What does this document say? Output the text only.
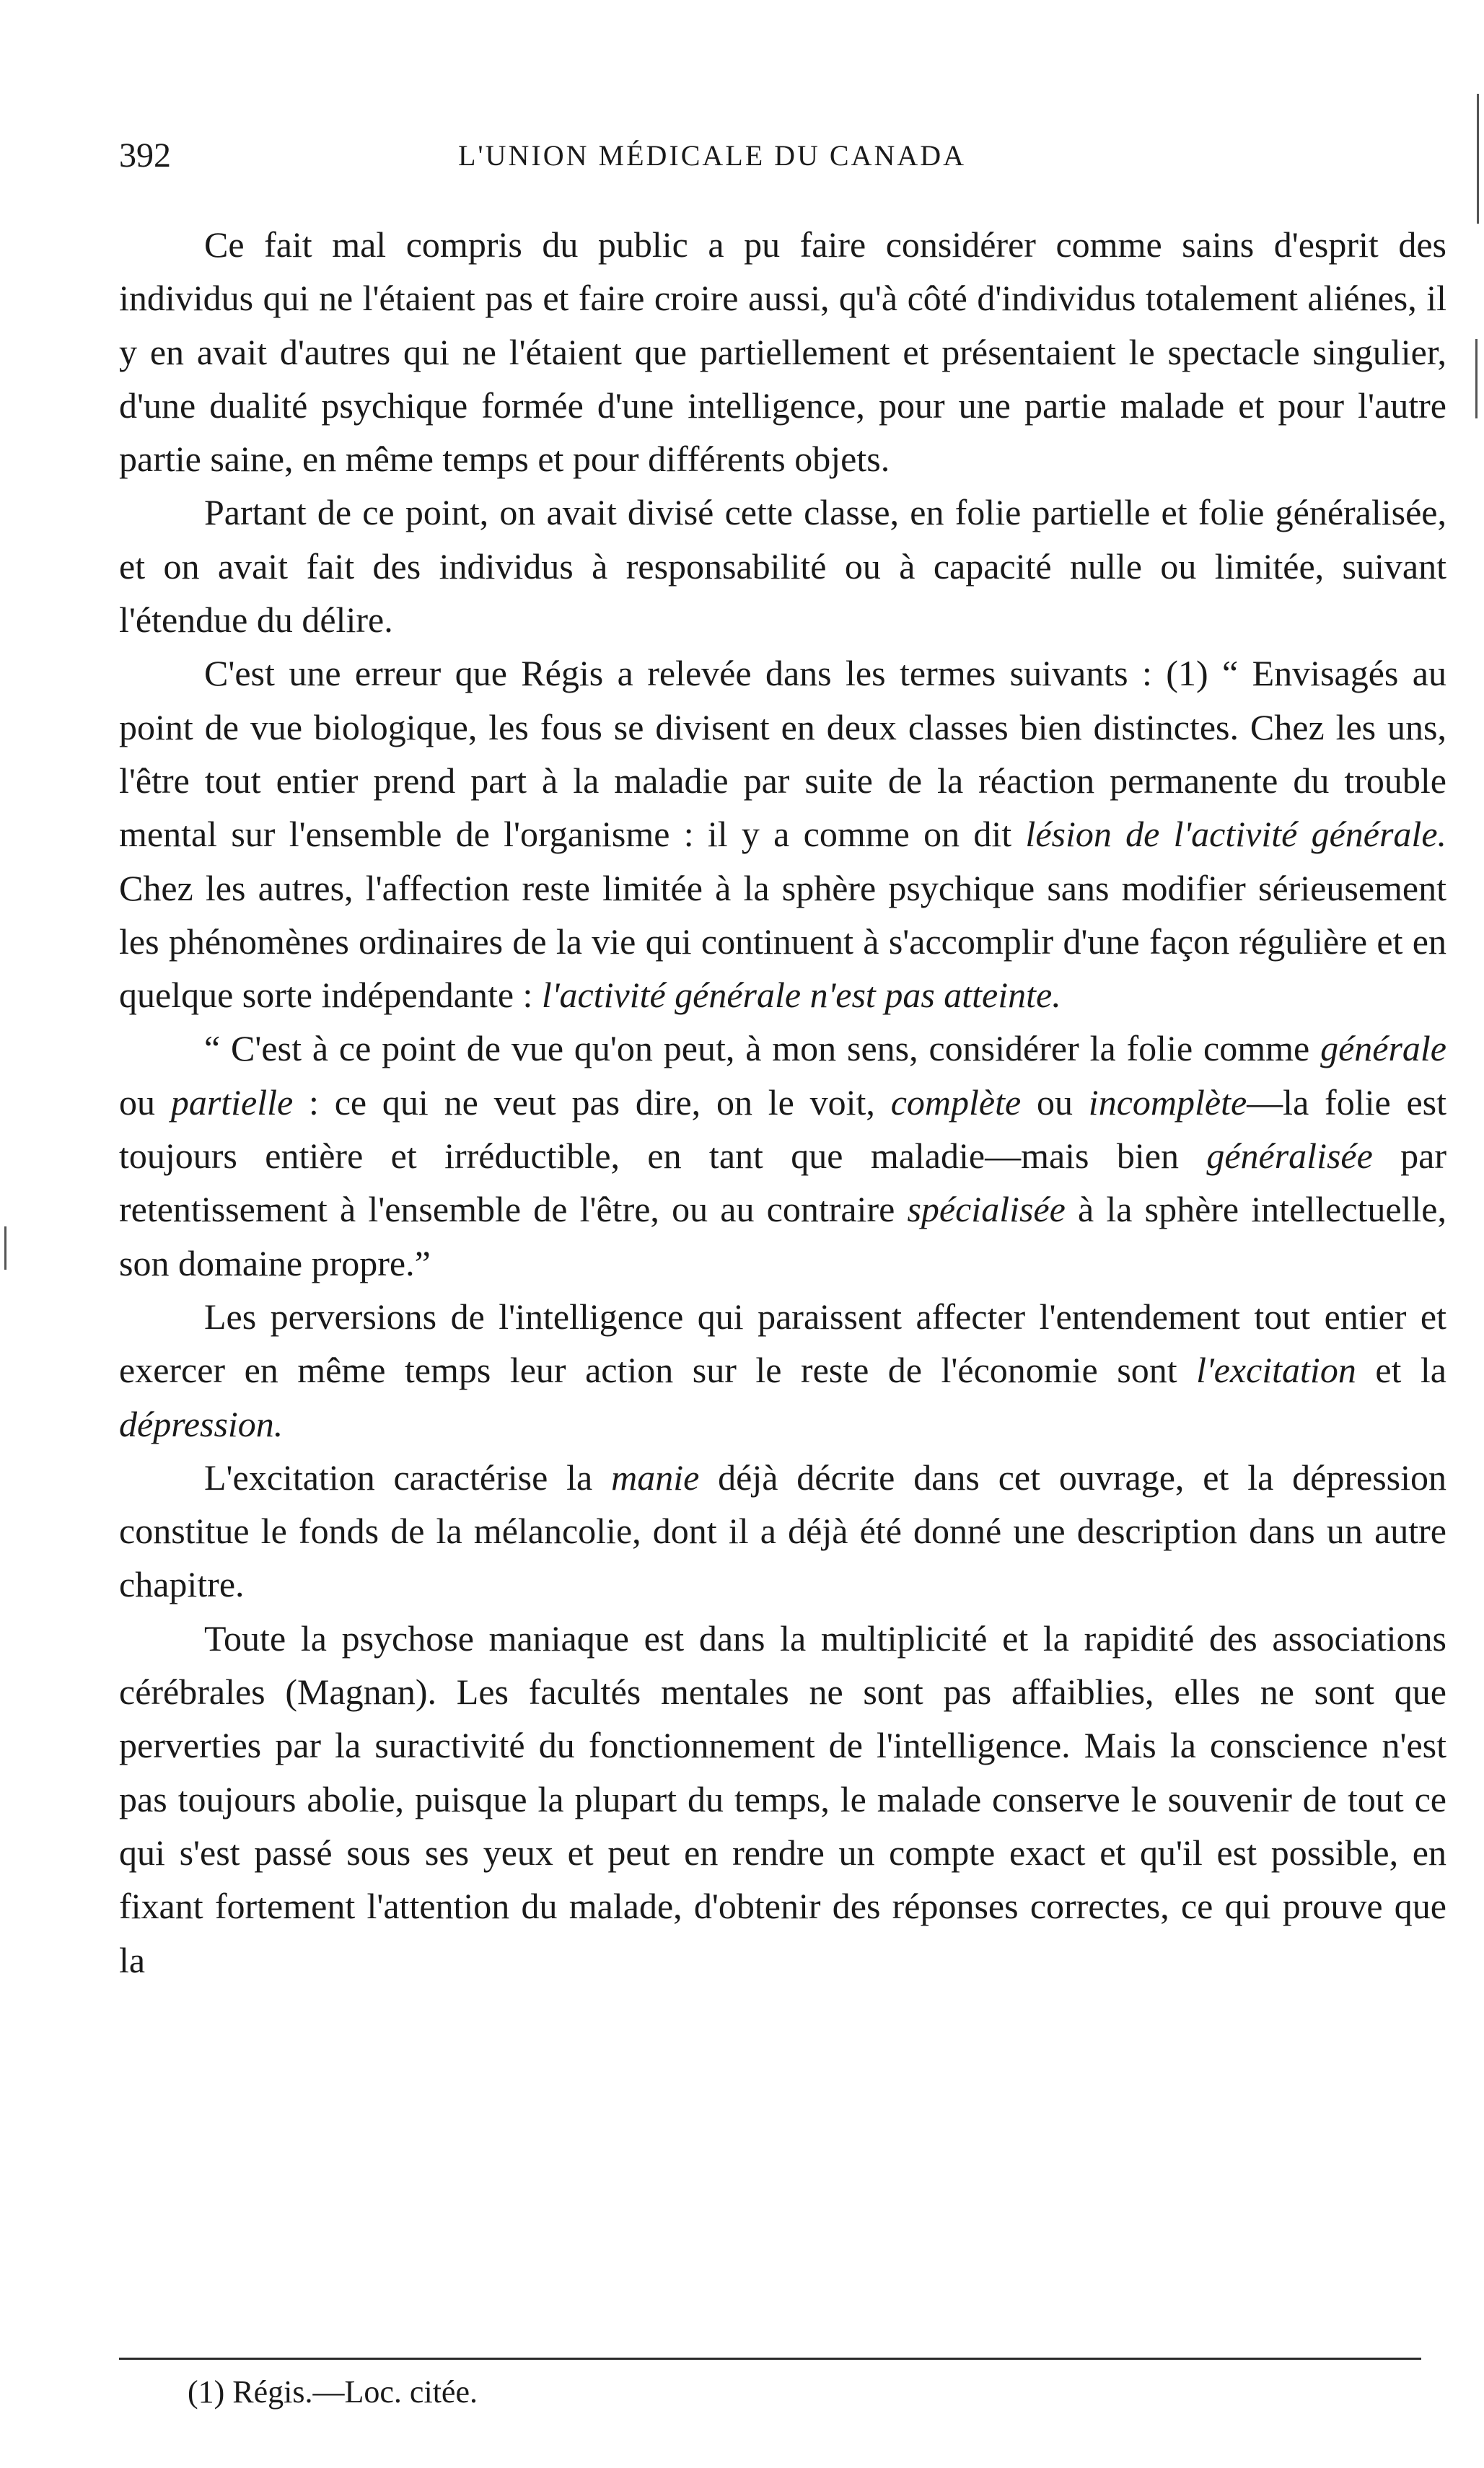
392	L'UNION MÉDICALE DU CANADA

Ce fait mal compris du public a pu faire considérer comme sains d'esprit des individus qui ne l'étaient pas et faire croire aussi, qu'à côté d'individus totalement aliénes, il y en avait d'autres qui ne l'étaient que partiellement et présentaient le spectacle singulier, d'une dualité psychique formée d'une intelligence, pour une partie malade et pour l'autre partie saine, en même temps et pour différents objets.

Partant de ce point, on avait divisé cette classe, en folie partielle et folie généralisée, et on avait fait des individus à responsabilité ou à capacité nulle ou limitée, suivant l'étendue du délire.

C'est une erreur que Régis a relevée dans les termes suivants : (1) “ Envisagés au point de vue biologique, les fous se divisent en deux classes bien distinctes. Chez les uns, l'être tout entier prend part à la maladie par suite de la réaction permanente du trouble mental sur l'ensemble de l'organisme : il y a comme on dit lésion de l'activité générale. Chez les autres, l'affection reste limitée à la sphère psychique sans modifier sérieusement les phénomènes ordinaires de la vie qui continuent à s'accomplir d'une façon régulière et en quelque sorte indépendante : l'activité générale n'est pas atteinte.

“ C'est à ce point de vue qu'on peut, à mon sens, considérer la folie comme générale ou partielle : ce qui ne veut pas dire, on le voit, complète ou incomplète—la folie est toujours entière et irréductible, en tant que maladie—mais bien généralisée par retentissement à l'ensemble de l'être, ou au contraire spécialisée à la sphère intellectuelle, son domaine propre.”

Les perversions de l'intelligence qui paraissent affecter l'entendement tout entier et exercer en même temps leur action sur le reste de l'économie sont l'excitation et la dépression.

L'excitation caractérise la manie déjà décrite dans cet ouvrage, et la dépression constitue le fonds de la mélancolie, dont il a déjà été donné une description dans un autre chapitre.

Toute la psychose maniaque est dans la multiplicité et la rapidité des associations cérébrales (Magnan). Les facultés mentales ne sont pas affaiblies, elles ne sont que perverties par la suractivité du fonctionnement de l'intelligence. Mais la conscience n'est pas toujours abolie, puisque la plupart du temps, le malade conserve le souvenir de tout ce qui s'est passé sous ses yeux et peut en rendre un compte exact et qu'il est possible, en fixant fortement l'attention du malade, d'obtenir des réponses correctes, ce qui prouve que la

(1) Régis.—Loc. citée.
